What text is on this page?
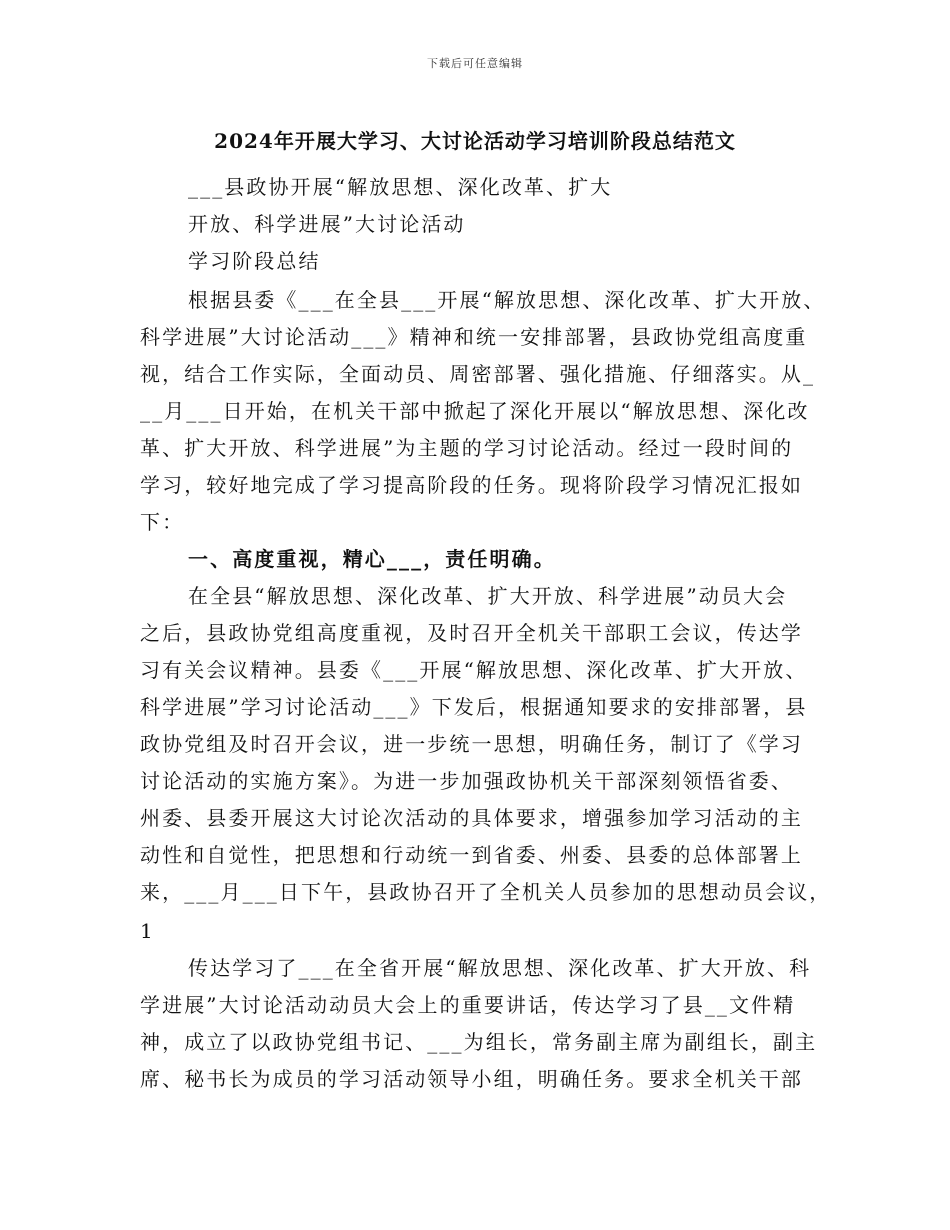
下载后可任意编辑
2024年开展大学习、大讨论活动学习培训阶段总结范文
___县政协开展“解放思想、深化改革、扩大
开放、科学进展”大讨论活动
学习阶段总结
根据县委《___在全县___开展“解放思想、深化改革、扩大开放、
科学进展”大讨论活动___》精神和统一安排部署，县政协党组高度重
视，结合工作实际，全面动员、周密部署、强化措施、仔细落实。从_
__月___日开始，在机关干部中掀起了深化开展以“解放思想、深化改
革、扩大开放、科学进展”为主题的学习讨论活动。经过一段时间的
学习，较好地完成了学习提高阶段的任务。现将阶段学习情况汇报如
下：
一、高度重视，精心___，责任明确。
在全县“解放思想、深化改革、扩大开放、科学进展”动员大会
之后，县政协党组高度重视，及时召开全机关干部职工会议，传达学
习有关会议精神。县委《___开展“解放思想、深化改革、扩大开放、
科学进展”学习讨论活动___》下发后，根据通知要求的安排部署，县
政协党组及时召开会议，进一步统一思想，明确任务，制订了《学习
讨论活动的实施方案》。为进一步加强政协机关干部深刻领悟省委、
州委、县委开展这大讨论次活动的具体要求，增强参加学习活动的主
动性和自觉性，把思想和行动统一到省委、州委、县委的总体部署上
来，___月___日下午，县政协召开了全机关人员参加的思想动员会议，
1
传达学习了___在全省开展“解放思想、深化改革、扩大开放、科
学进展”大讨论活动动员大会上的重要讲话，传达学习了县__文件精
神，成立了以政协党组书记、___为组长，常务副主席为副组长，副主
席、秘书长为成员的学习活动领导小组，明确任务。要求全机关干部
